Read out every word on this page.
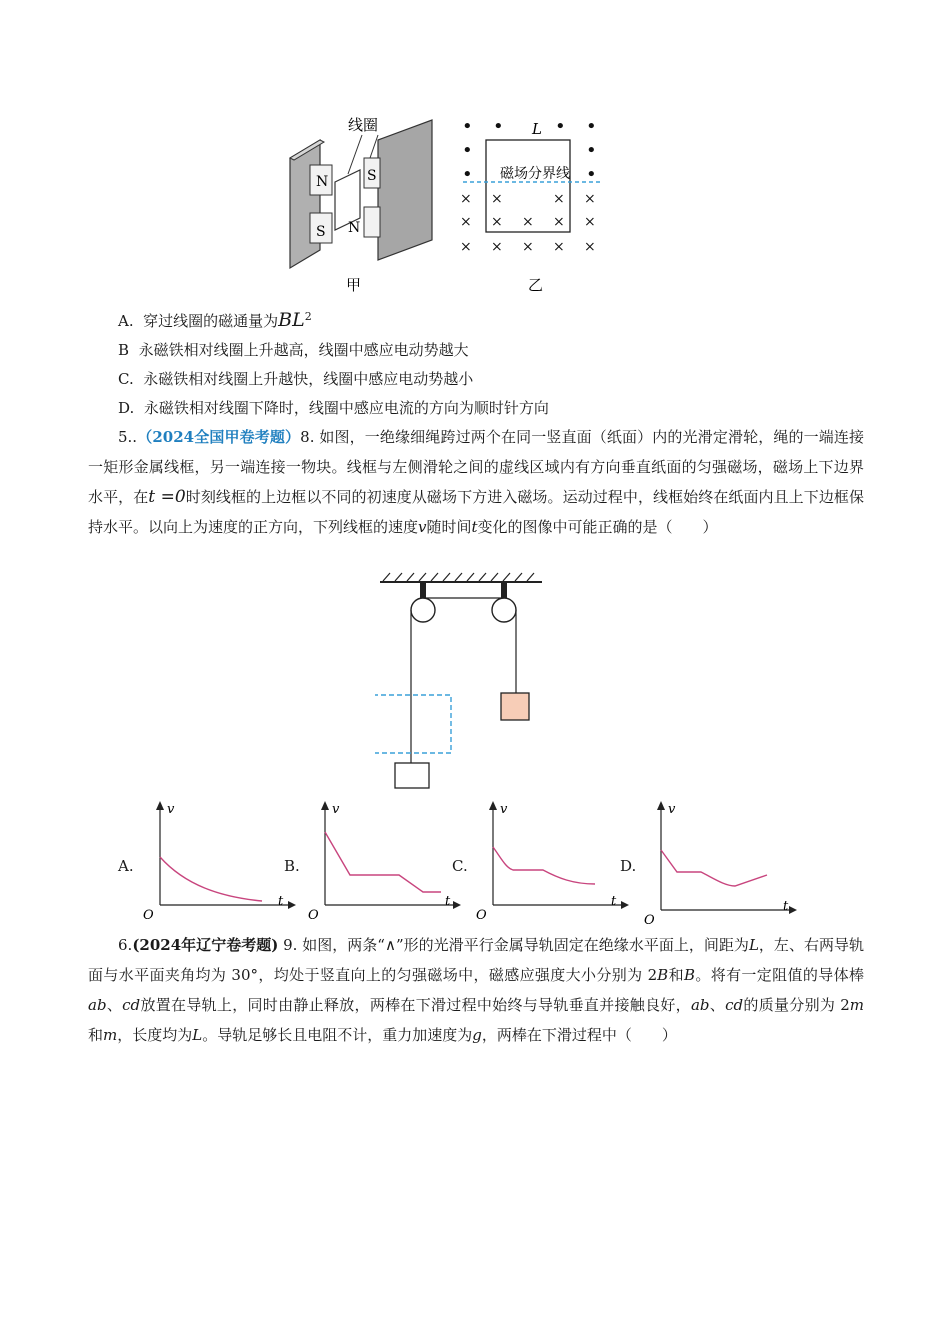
线圈
N	S
S N
甲
• •	• •
•	•
•	•
×	×
× × × × ×
× × × × ×
×	×
L
磁场分界线
乙
A. 穿过线圈的磁通量为$BL^2$
B 永磁铁相对线圈上升越高，线圈中感应电动势越大
C. 永磁铁相对线圈上升越快，线圈中感应电动势越小
D. 永磁铁相对线圈下降时，线圈中感应电流的方向为顺时针方向
5..（2024全国甲卷考题）8. 如图，一绝缘细绳跨过两个在同一竖直面（纸面）内的光滑定滑轮，绳的一端连接一矩形金属线框，另一端连接一物块。线框与左侧滑轮之间的虚线区域内有方向垂直纸面的匀强磁场，磁场上下边界水平，在t =0时刻线框的上边框以不同的初速度从磁场下方进入磁场。运动过程中，线框始终在纸面内且上下边框保持水平。以向上为速度的正方向，下列线框的速度v随时间t变化的图像中可能正确的是（　　）
A.	B.	C.	D.
v
t
O
v
t
O
v
t
O
v
t
O
6.(2024年辽宁卷考题) 9. 如图，两条“∧”形的光滑平行金属导轨固定在绝缘水平面上，间距为L，左、右两导轨面与水平面夹角均为 30°，均处于竖直向上的匀强磁场中，磁感应强度大小分别为 2B和B。将有一定阻值的导体棒ab、cd放置在导轨上，同时由静止释放，两棒在下滑过程中始终与导轨垂直并接触良好，ab、cd的质量分别为 2m和m，长度均为L。导轨足够长且电阻不计，重力加速度为g，两棒在下滑过程中（　　）
